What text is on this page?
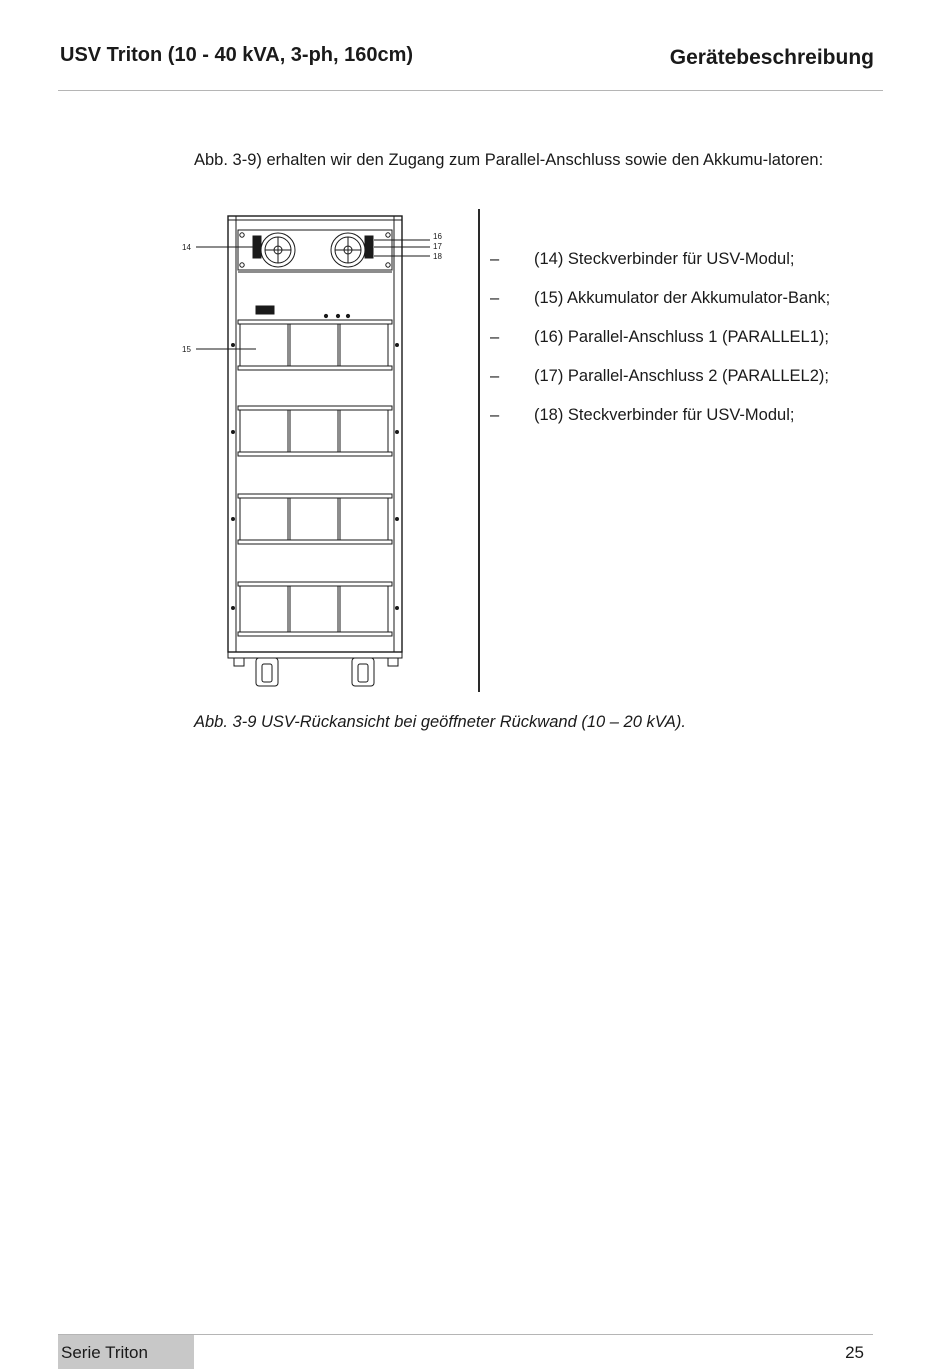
USV Triton (10 - 40 kVA, 3-ph, 160cm)	Gerätebeschreibung
Abb. 3-9) erhalten wir den Zugang zum Parallel-Anschluss sowie den Akkumu-latoren:
14
15
16
17
18	– (14) Steckverbinder für USV-Modul;
– (15) Akkumulator der Akkumulator-Bank;
– (16) Parallel-Anschluss 1 (PARALLEL1);
– (17) Parallel-Anschluss 2 (PARALLEL2);
– (18) Steckverbinder für USV-Modul;
Abb. 3-9 USV-Rückansicht bei geöffneter Rückwand (10 – 20 kVA).
Serie Triton	25
